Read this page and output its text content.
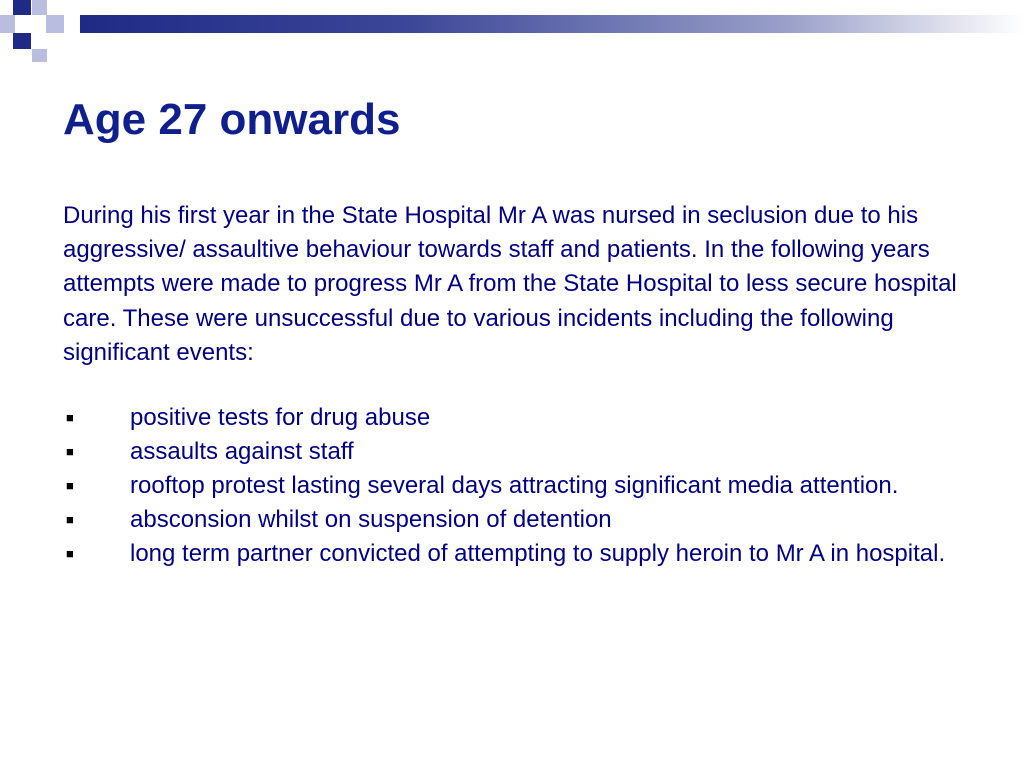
Age 27 onwards

During his first year in the State Hospital Mr A was nursed in seclusion due to his aggressive/ assaultive behaviour towards staff and patients. In the following years attempts were made to progress Mr A from the State Hospital to less secure hospital care. These were unsuccessful due to various incidents including the following significant events:

■	positive tests for drug abuse
■	assaults against staff
■	rooftop protest lasting several days attracting significant media attention.
■	absconsion whilst on suspension of detention
■	long term partner convicted of attempting to supply heroin to Mr A in hospital.
